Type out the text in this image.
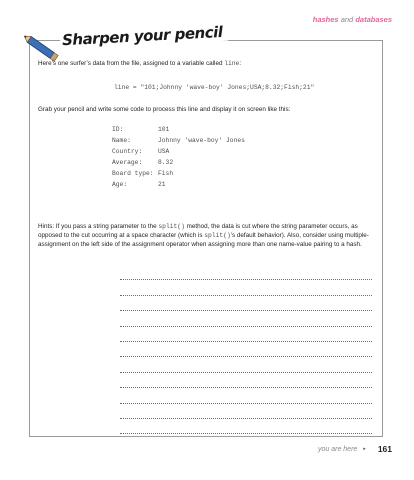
hashes and databases
Sharpen your pencil
Here’s one surfer’s data from the file, assigned to a variable called line:
line = "101;Johnny 'wave-boy' Jones;USA;8.32;Fish;21"
Grab your pencil and write some code to process this line and display it on screen like this:
ID:	101
Name:	Johnny 'wave-boy' Jones
Country:	USA
Average:	8.32
Board type: Fish
Age:	21
Hints: If you pass a string parameter to the split() method, the data is cut where the string parameter occurs, as opposed to the cut occurring at a space character (which is split()’s default behavior). Also, consider using multiple-assignment on the left side of the assignment operator when assigning more than one name-value pairing to a hash.
you are here ▸ 161
